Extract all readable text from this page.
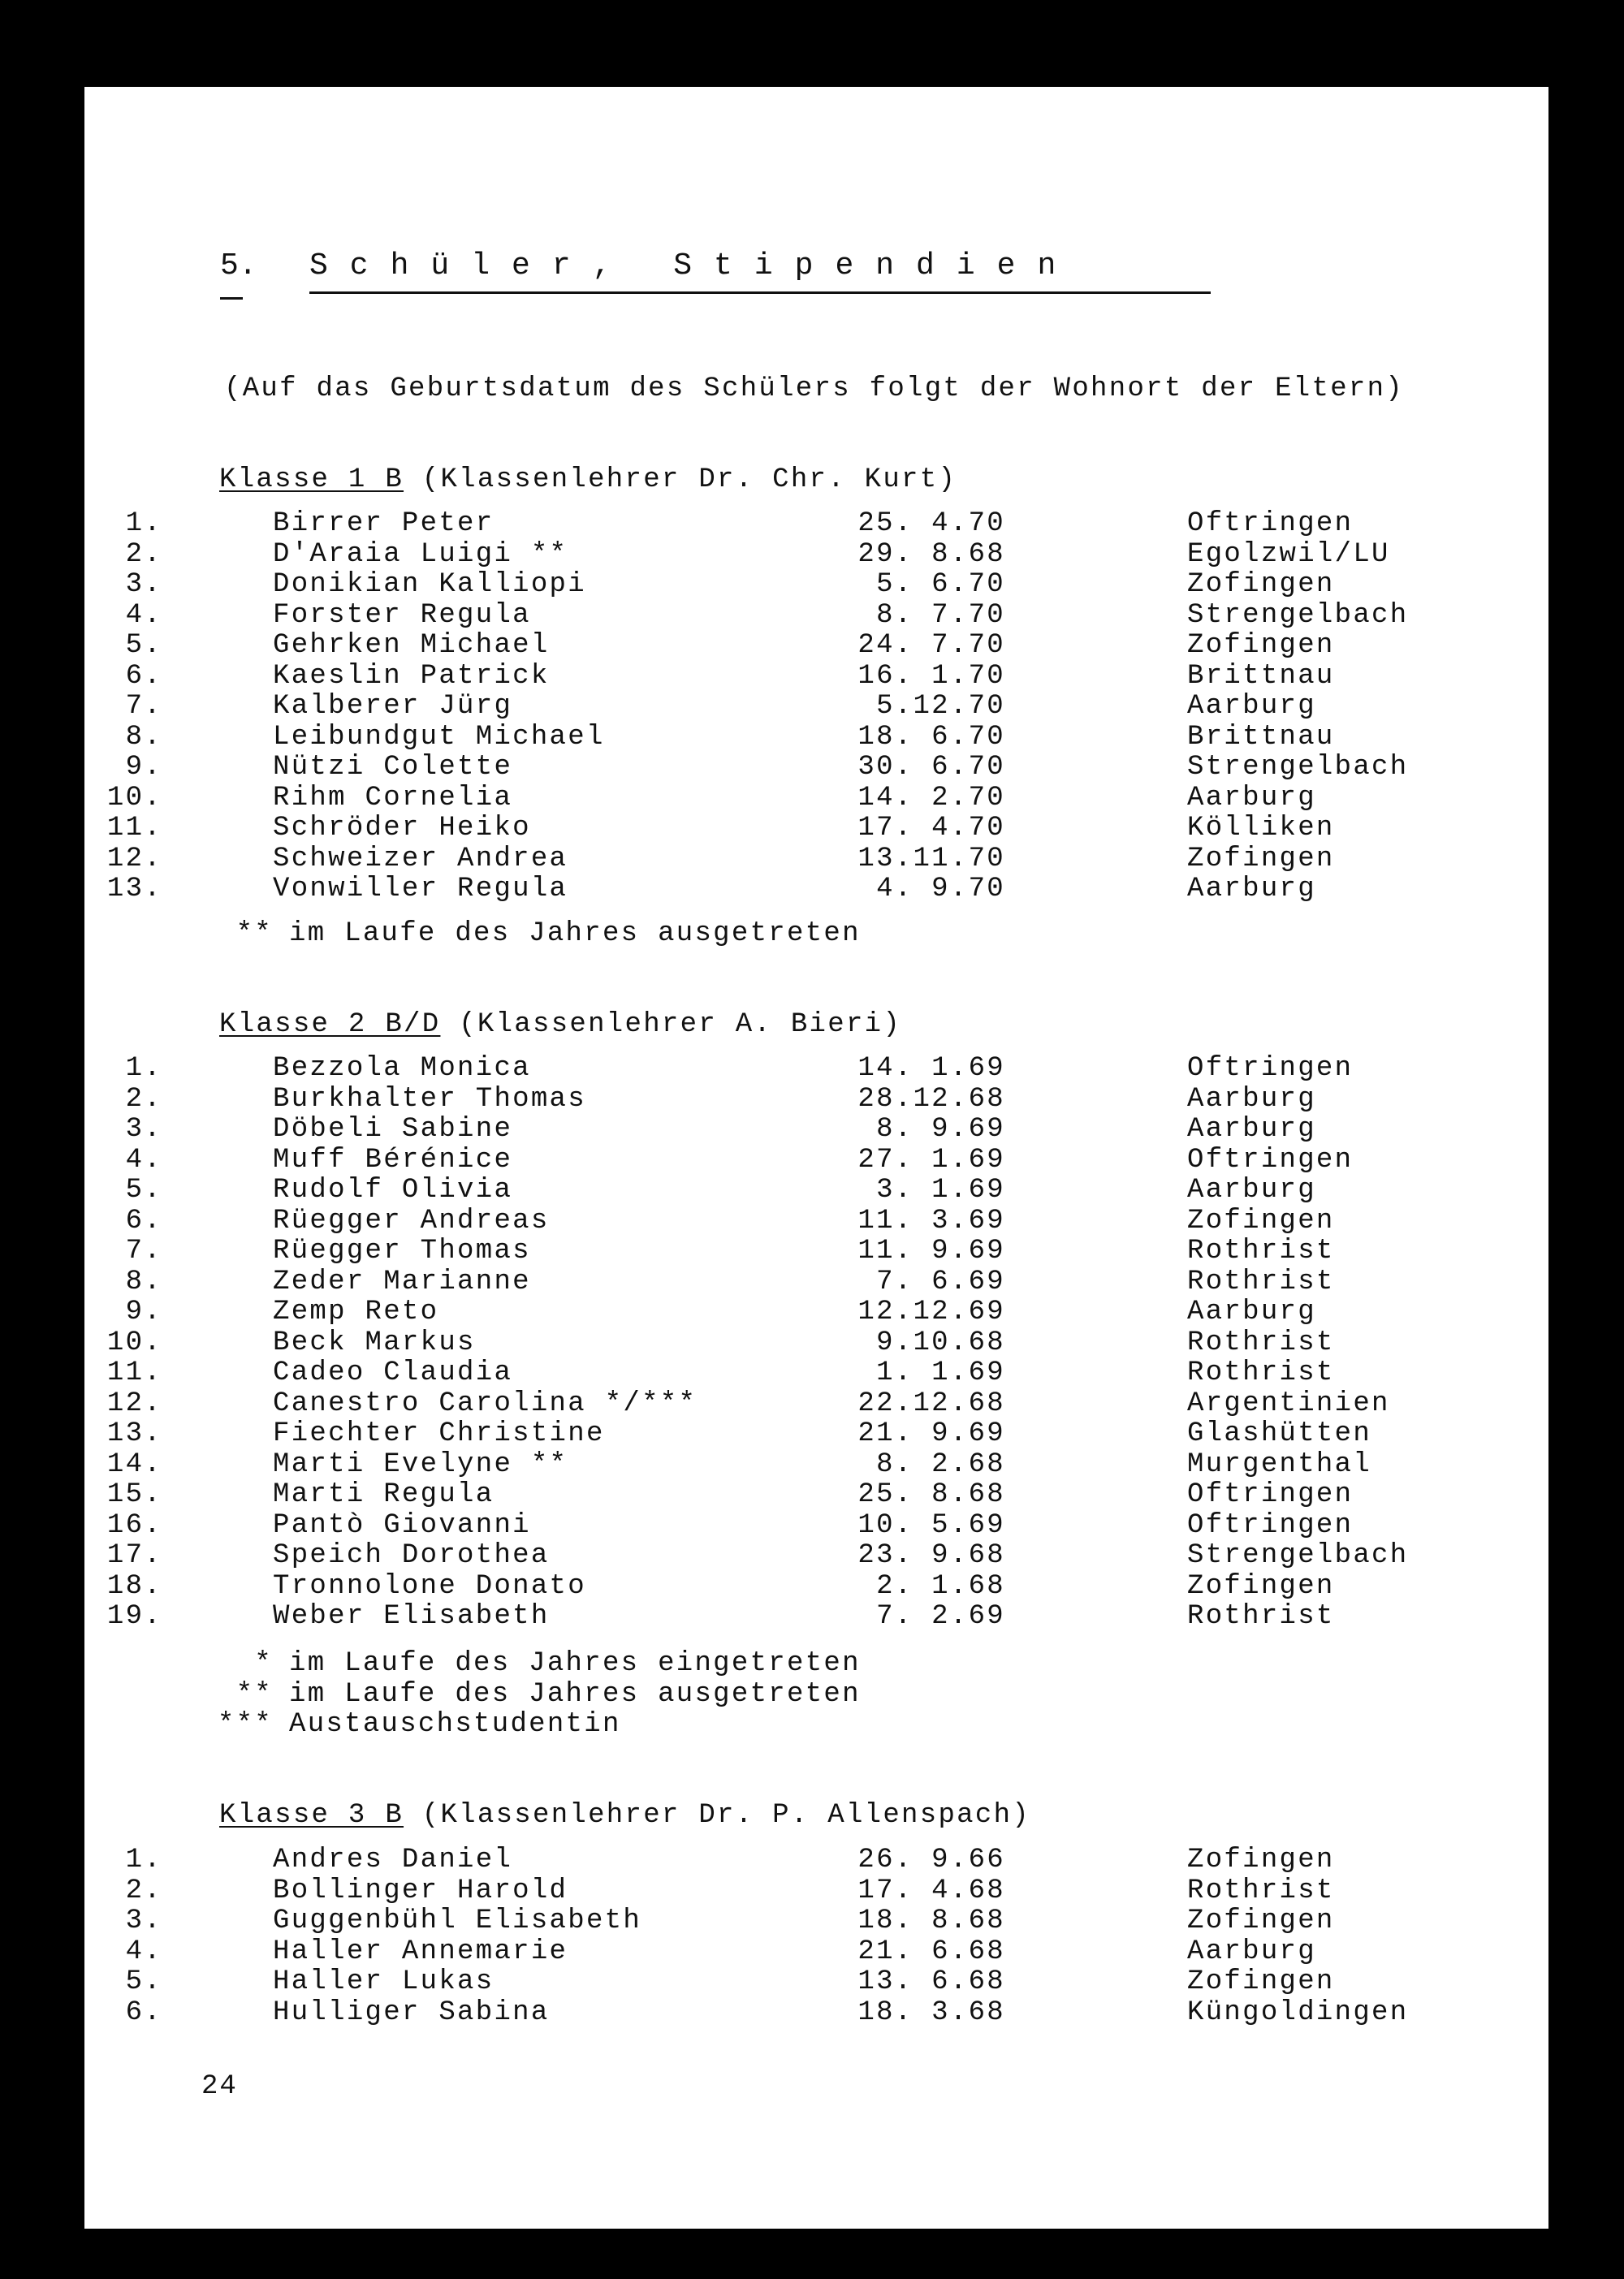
5.

Schüler, Stipendien

(Auf das Geburtsdatum des Schülers folgt der Wohnort der Eltern)
Klasse 1 B (Klassenlehrer Dr. Chr. Kurt)
1.	Birrer Peter	25. 4.70	Oftringen
2.	D'Araia Luigi **	29. 8.68	Egolzwil/LU
3.	Donikian Kalliopi	5. 6.70	Zofingen
4.	Forster Regula	8. 7.70	Strengelbach
5.	Gehrken Michael	24. 7.70	Zofingen
6.	Kaeslin Patrick	16. 1.70	Brittnau
7.	Kalberer Jürg	5.12.70	Aarburg
8.	Leibundgut Michael	18. 6.70	Brittnau
9.	Nützi Colette	30. 6.70	Strengelbach
10.	Rihm Cornelia	14. 2.70	Aarburg
11.	Schröder Heiko	17. 4.70	Kölliken
12.	Schweizer Andrea	13.11.70	Zofingen
13.	Vonwiller Regula	4. 9.70	Aarburg
** im Laufe des Jahres ausgetreten
Klasse 2 B/D (Klassenlehrer A. Bieri)
1.	Bezzola Monica	14. 1.69	Oftringen
2.	Burkhalter Thomas	28.12.68	Aarburg
3.	Döbeli Sabine	8. 9.69	Aarburg
4.	Muff Bérénice	27. 1.69	Oftringen
5.	Rudolf Olivia	3. 1.69	Aarburg
6.	Rüegger Andreas	11. 3.69	Zofingen
7.	Rüegger Thomas	11. 9.69	Rothrist
8.	Zeder Marianne	7. 6.69	Rothrist
9.	Zemp Reto	12.12.69	Aarburg
10.	Beck Markus	9.10.68	Rothrist
11.	Cadeo Claudia	1. 1.69	Rothrist
12.	Canestro Carolina */***	22.12.68	Argentinien
13.	Fiechter Christine	21. 9.69	Glashütten
14.	Marti Evelyne **	8. 2.68	Murgenthal
15.	Marti Regula	25. 8.68	Oftringen
16.	Pantò Giovanni	10. 5.69	Oftringen
17.	Speich Dorothea	23. 9.68	Strengelbach
18.	Tronnolone Donato	2. 1.68	Zofingen
19.	Weber Elisabeth	7. 2.69	Rothrist
* im Laufe des Jahres eingetreten
** im Laufe des Jahres ausgetreten
*** Austauschstudentin
Klasse 3 B (Klassenlehrer Dr. P. Allenspach)
1.	Andres Daniel	26. 9.66	Zofingen
2.	Bollinger Harold	17. 4.68	Rothrist
3.	Guggenbühl Elisabeth	18. 8.68	Zofingen
4.	Haller Annemarie	21. 6.68	Aarburg
5.	Haller Lukas	13. 6.68	Zofingen
6.	Hulliger Sabina	18. 3.68	Küngoldingen
24
